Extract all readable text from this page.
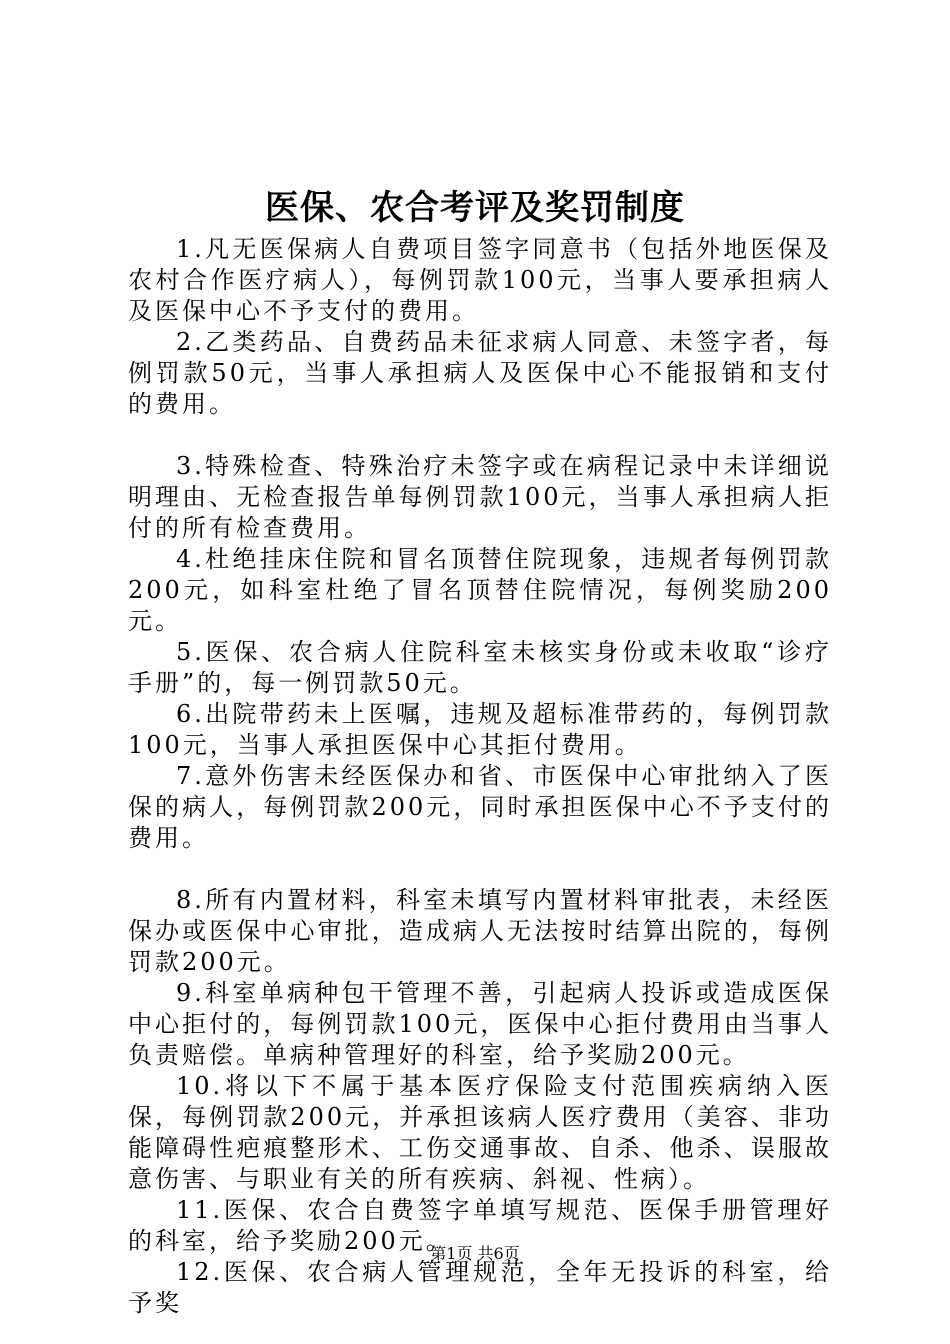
医保、农合考评及奖罚制度

1.凡无医保病人自费项目签字同意书（包括外地医保及农村合作医疗病人），每例罚款100元，当事人要承担病人及医保中心不予支付的费用。

2.乙类药品、自费药品未征求病人同意、未签字者，每例罚款50元，当事人承担病人及医保中心不能报销和支付的费用。

3.特殊检查、特殊治疗未签字或在病程记录中未详细说明理由、无检查报告单每例罚款100元，当事人承担病人拒付的所有检查费用。

4.杜绝挂床住院和冒名顶替住院现象，违规者每例罚款200元，如科室杜绝了冒名顶替住院情况，每例奖励200元。

5.医保、农合病人住院科室未核实身份或未收取“诊疗手册”的，每一例罚款50元。

6.出院带药未上医嘱，违规及超标准带药的，每例罚款100元，当事人承担医保中心其拒付费用。

7.意外伤害未经医保办和省、市医保中心审批纳入了医保的病人，每例罚款200元，同时承担医保中心不予支付的费用。

8.所有内置材料，科室未填写内置材料审批表，未经医保办或医保中心审批，造成病人无法按时结算出院的，每例罚款200元。

9.科室单病种包干管理不善，引起病人投诉或造成医保中心拒付的，每例罚款100元，医保中心拒付费用由当事人负责赔偿。单病种管理好的科室，给予奖励200元。

10.将以下不属于基本医疗保险支付范围疾病纳入医保，每例罚款200元，并承担该病人医疗费用（美容、非功能障碍性疤痕整形术、工伤交通事故、自杀、他杀、误服故意伤害、与职业有关的所有疾病、斜视、性病）。

11.医保、农合自费签字单填写规范、医保手册管理好的科室，给予奖励200元。

12.医保、农合病人管理规范，全年无投诉的科室，给予奖

第1页 共6页
